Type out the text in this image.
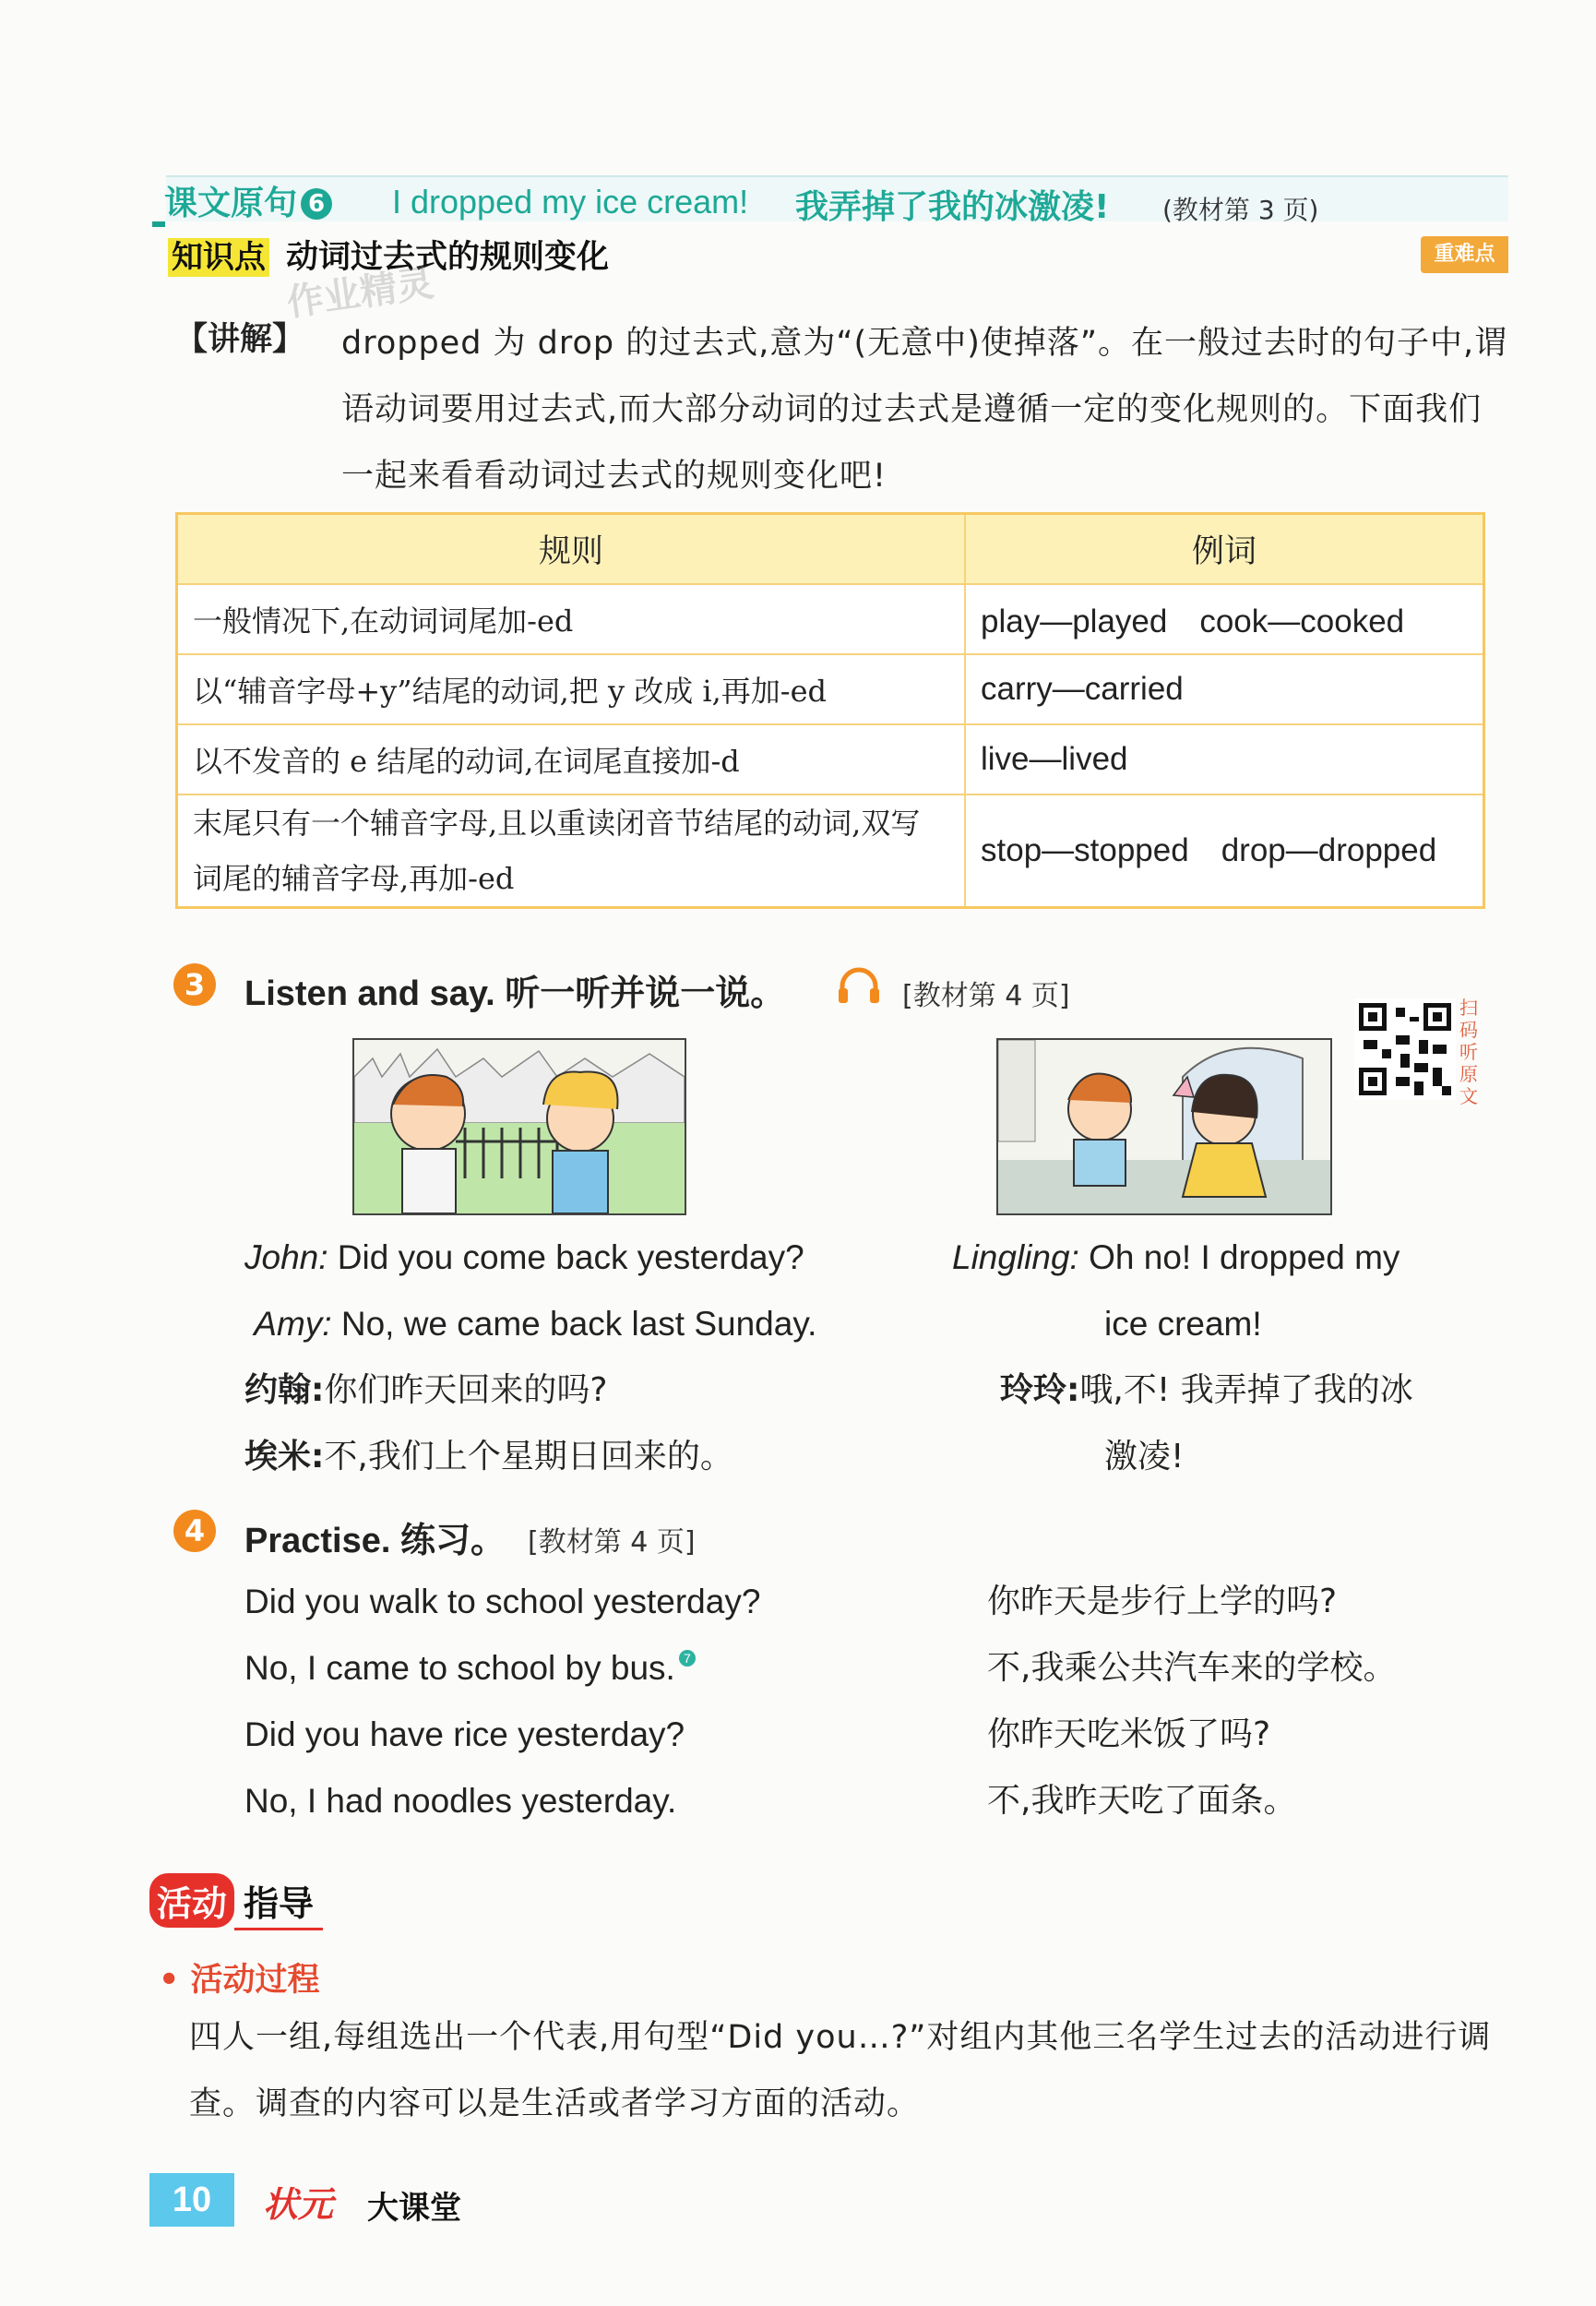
课文原句 6 I dropped my ice cream! 我弄掉了我的冰激凌! (教材第 3 页)
知识点 动词过去式的规则变化	重难点
作业精灵
【讲解】 dropped 为 drop 的过去式,意为“(无意中)使掉落”。在一般过去时的句子中,谓语动词要用过去式,而大部分动词的过去式是遵循一定的变化规则的。下面我们一起来看看动词过去式的规则变化吧!
规则	例词
一般情况下,在动词词尾加-ed	play—played　cook—cooked
以“辅音字母+y”结尾的动词,把 y 改成 i,再加-ed	carry—carried
以不发音的 e 结尾的动词,在词尾直接加-d	live—lived
末尾只有一个辅音字母,且以重读闭音节结尾的动词,双写词尾的辅音字母,再加-ed	stop—stopped　drop—dropped
3	Listen and say. 听一听并说一说。	[教材第 4 页]	扫码听原文
John: Did you come back yesterday?
Amy: No, we came back last Sunday.
约翰:你们昨天回来的吗?
埃米:不,我们上个星期日回来的。
Lingling: Oh no! I dropped my
ice cream!
玲玲:哦,不! 我弄掉了我的冰
激凌!
4	Practise. 练习。 [教材第 4 页]
Did you walk to school yesterday?
No, I came to school by bus. 7
Did you have rice yesterday?
No, I had noodles yesterday.
你昨天是步行上学的吗?
不,我乘公共汽车来的学校。
你昨天吃米饭了吗?
不,我昨天吃了面条。
活动 指导
• 活动过程
四人一组,每组选出一个代表,用句型“Did you…?”对组内其他三名学生过去的活动进行调查。调查的内容可以是生活或者学习方面的活动。
10	状元 大课堂
